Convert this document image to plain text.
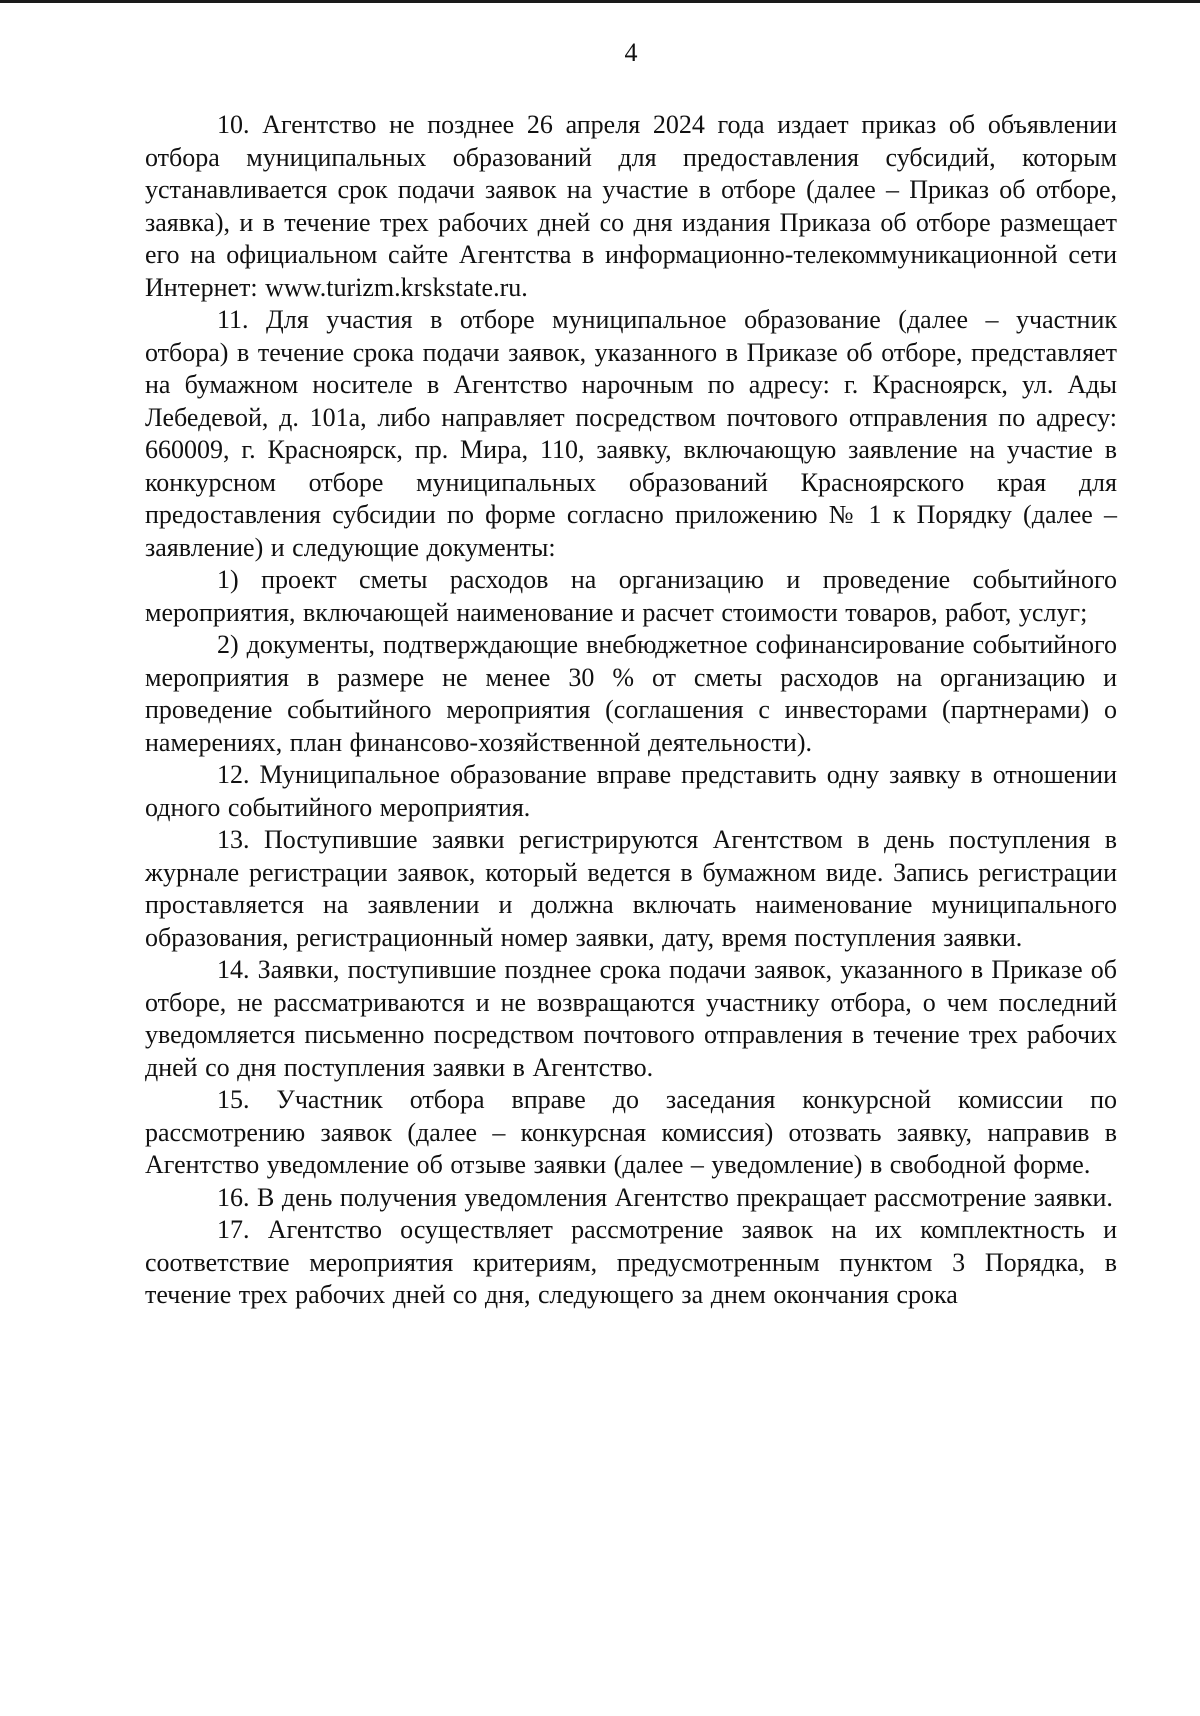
4

10. Агентство не позднее 26 апреля 2024 года издает приказ об объявлении отбора муниципальных образований для предоставления субсидий, которым устанавливается срок подачи заявок на участие в отборе (далее – Приказ об отборе, заявка), и в течение трех рабочих дней со дня издания Приказа об отборе размещает его на официальном сайте Агентства в информационно-телекоммуникационной сети Интернет: www.turizm.krskstate.ru.

11. Для участия в отборе муниципальное образование (далее – участник отбора) в течение срока подачи заявок, указанного в Приказе об отборе, представляет на бумажном носителе в Агентство нарочным по адресу: г. Красноярск, ул. Ады Лебедевой, д. 101а, либо направляет посредством почтового отправления по адресу: 660009, г. Красноярск, пр. Мира, 110, заявку, включающую заявление на участие в конкурсном отборе муниципальных образований Красноярского края для предоставления субсидии по форме согласно приложению № 1 к Порядку (далее – заявление) и следующие документы:

1) проект сметы расходов на организацию и проведение событийного мероприятия, включающей наименование и расчет стоимости товаров, работ, услуг;

2) документы, подтверждающие внебюджетное софинансирование событийного мероприятия в размере не менее 30 % от сметы расходов на организацию и проведение событийного мероприятия (соглашения с инвесторами (партнерами) о намерениях, план финансово-хозяйственной деятельности).

12. Муниципальное образование вправе представить одну заявку в отношении одного событийного мероприятия.

13. Поступившие заявки регистрируются Агентством в день поступления в журнале регистрации заявок, который ведется в бумажном виде. Запись регистрации проставляется на заявлении и должна включать наименование муниципального образования, регистрационный номер заявки, дату, время поступления заявки.

14. Заявки, поступившие позднее срока подачи заявок, указанного в Приказе об отборе, не рассматриваются и не возвращаются участнику отбора, о чем последний уведомляется письменно посредством почтового отправления в течение трех рабочих дней со дня поступления заявки в Агентство.

15. Участник отбора вправе до заседания конкурсной комиссии по рассмотрению заявок (далее – конкурсная комиссия) отозвать заявку, направив в Агентство уведомление об отзыве заявки (далее – уведомление) в свободной форме.

16. В день получения уведомления Агентство прекращает рассмотрение заявки.

17. Агентство осуществляет рассмотрение заявок на их комплектность и соответствие мероприятия критериям, предусмотренным пунктом 3 Порядка, в течение трех рабочих дней со дня, следующего за днем окончания срока
